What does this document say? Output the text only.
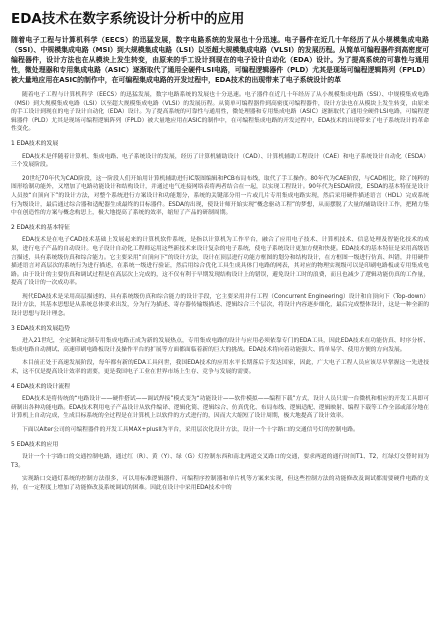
EDA技术在数字系统设计分析中的应用
随着电子工程与计算机科学（EECS）的迅猛发展，数字电路系统的发展也十分迅速。电子器件在近几十年经历了从小规模集成电路（SSI）、中规模集成电路（MSI）到大规模集成电路（LSI）以至超大规模集成电路（VLSI）的发展历程。从简单可编程器件到高密度可编程器件，设计方法也在从模块上发生转变，由原来的手工设计到现在的电子设计自动化（EDA）设计。为了提高系统的可靠性与通用性，微处理器和专用集成电路（ASIC）逐渐取代了通用全硬件LSI电路，可编程逻辑器件（PLD）尤其是现场可编程逻辑阵列（FPLD）被大量地应用在ASIC的制作中，在可编程集成电路的开发过程中，EDA技术的出现带来了电子系统设计的革
随着电子工程与计算机科学（EECS）的迅猛发展，数字电路系统的发展也十分迅速。电子器件在近几十年经历了从小规模集成电路（SSI）、中规模集成电路（MSI）到大规模集成电路（LSI）以至超大规模集成电路（VLSI）的发展历程。从简单可编程器件到高密度可编程器件，设计方法也在从模块上发生转变，由原来的手工设计到现在的电子设计自动化（EDA）设计。为了提高系统的可靠性与通用性，微处理器和专用集成电路（ASIC）逐渐取代了通用全硬件LSI电路，可编程逻辑器件（PLD）尤其是现场可编程逻辑阵列（FPLD）被大量地应用在ASIC的制作中，在可编程集成电路的开发过程中，EDA技术的出现带来了电子系统设计的革命性变化。
1 EDA技术的发展
EDA技术是伴随着计算机、集成电路、电子系统设计的发展，经历了计算机辅助设计（CAD）、计算机辅助工程设计（CAE）和电子系统设计自动化（ESDA）三个发展阶段。
20世纪70年代为CAD阶段，这一阶段人们开始用计算机辅助进行IC版图编辑和PCB布局布线，取代了手工操作。80年代为CAE阶段，与CAD相比，除了纯粹的图形绘制功能外，又增加了电路功能设计和结构设计，并通过电气连接网络表将两者结合在一起，以实现工程设计。90年代为ESDA阶段，ESDA的基本特征是设计人员按“自顶向下”的设计方法，对整个系统进行方案设计和功能划分，系统的关键部分用一片或几片专用集成电路实现，然后采用硬件描述语言（HDL）完成系统行为级设计，最后通过综合器和适配器生成最终的目标器件。ESDA的出现，使设计师开始实现“概念驱动工程”的梦想，从而摆脱了大量的辅助设计工作，把精力集中在创造性的方案与概念构思上，极大地提高了系统的效率，缩短了产品的研制周期。
2 EDA技术的基本特征
EDA技术是在电子CAD技术基础上发展起来的计算机软件系统，是指以计算机为工作平台，融合了应用电子技术、计算机技术、信息处理及智能化技术的成果，进行电子产品的自动设计。电子设计自动化工程师运用这些新技术来设计复杂的电子系统，使电子系统设计更加方便和快捷。EDA技术的基本特征是采用高级语言描述，具有系统级仿真和综合能力。它主要采用“自顶向下”的设计方法，设计在顶层进行功能方框图的划分和结构设计，在方框图一级进行仿真、纠错，并用硬件描述语言对高层次的系统行为进行描述，在系统一级进行验证，然后用综合优化工具生成具体门电路的网表，其对应的物理实现级可以是印刷电路板或专用集成电路。由于设计的主要仿真和调试过程是在高层次上完成的，这不仅有利于早期发现结构设计上的错误，避免设计工时的浪费，而且也减少了逻辑功能仿真的工作量，提高了设计的一次成功率。
现代EDA技术是采用高层描述的、具有系统级仿真和综合能力的设计手段，它主要采用并行工程（Concurrent Engineering）设计和自顶向下（Top-down）设计方法，其基本思想是从系统总体要求出发，分为行为描述、寄存器传输级描述、逻辑综合三个层次，将设计内容逐步细化，最后完成整体设计，这是一种全新的设计思想与设计理念。
3 EDA技术的发展趋势
进入21世纪，全定制和定制专用集成电路正成为新的发展热点，专用集成电路的设计与应用必须依靠专门的EDA工具，因此EDA技术在功能仿真、时序分析、集成电路自动测试、高速印刷电路板设计及操作平台的扩展等方面都面临着新的巨大的挑战。EDA技术将向着功能强大、简单易学、使用方便的方向发展。
本目前正处于高速发展阶段，每年都有新的EDA工具问世，我国EDA技术的应用水平长期落后于发达国家，因此，广大电子工程人员应该尽早掌握这一先进技术，这不仅是提高设计效率的需要，更是我国电子工业在世界市场上生存、竞争与发展的需要。
4 EDA技术的设计流程
EDA技术是将传统的“电路设计——硬件搭试——调试焊接”模式变为“功能设计——软件模拟——编程下载”方式，设计人员只需一台微机和相应的开发工具即可研制出各种功能电路。EDA技术利用电子产品设计从软件编译、逻辑化简、逻辑综合、仿真优化、布局布线、逻辑适配、逻辑映射、编程下载等工作全部或部分地在计算机上自动完成，生成目标系统的全过程是在计算机上以软件的方式进行的，因而大大缩短了设计周期，极大地提高了设计效率。
下面以Alter公司的可编程器件的开发工具MAX+plusII为平台，采用层次化设计方法，设计一个十字路口的交通信号灯的控制电路。
5 EDA技术的应用
设计一个十字路口的交通控制电路，通过红（R）、黄（Y）、绿（G）灯控制东西和南北两道交叉路口的交通，要求两道的通行时间T1、T2，红绿灯交替时间为T3。
实现路口交通灯系统的控制方法很多，可以用标准逻辑器件、可编程序控制器和单片机等方案来实现，但这些控制方法的功能修改及调试都需要硬件电路的支持，在一定程度上增加了功能修改及系统调试的困难。因此在设计中采用EDA技术中的
